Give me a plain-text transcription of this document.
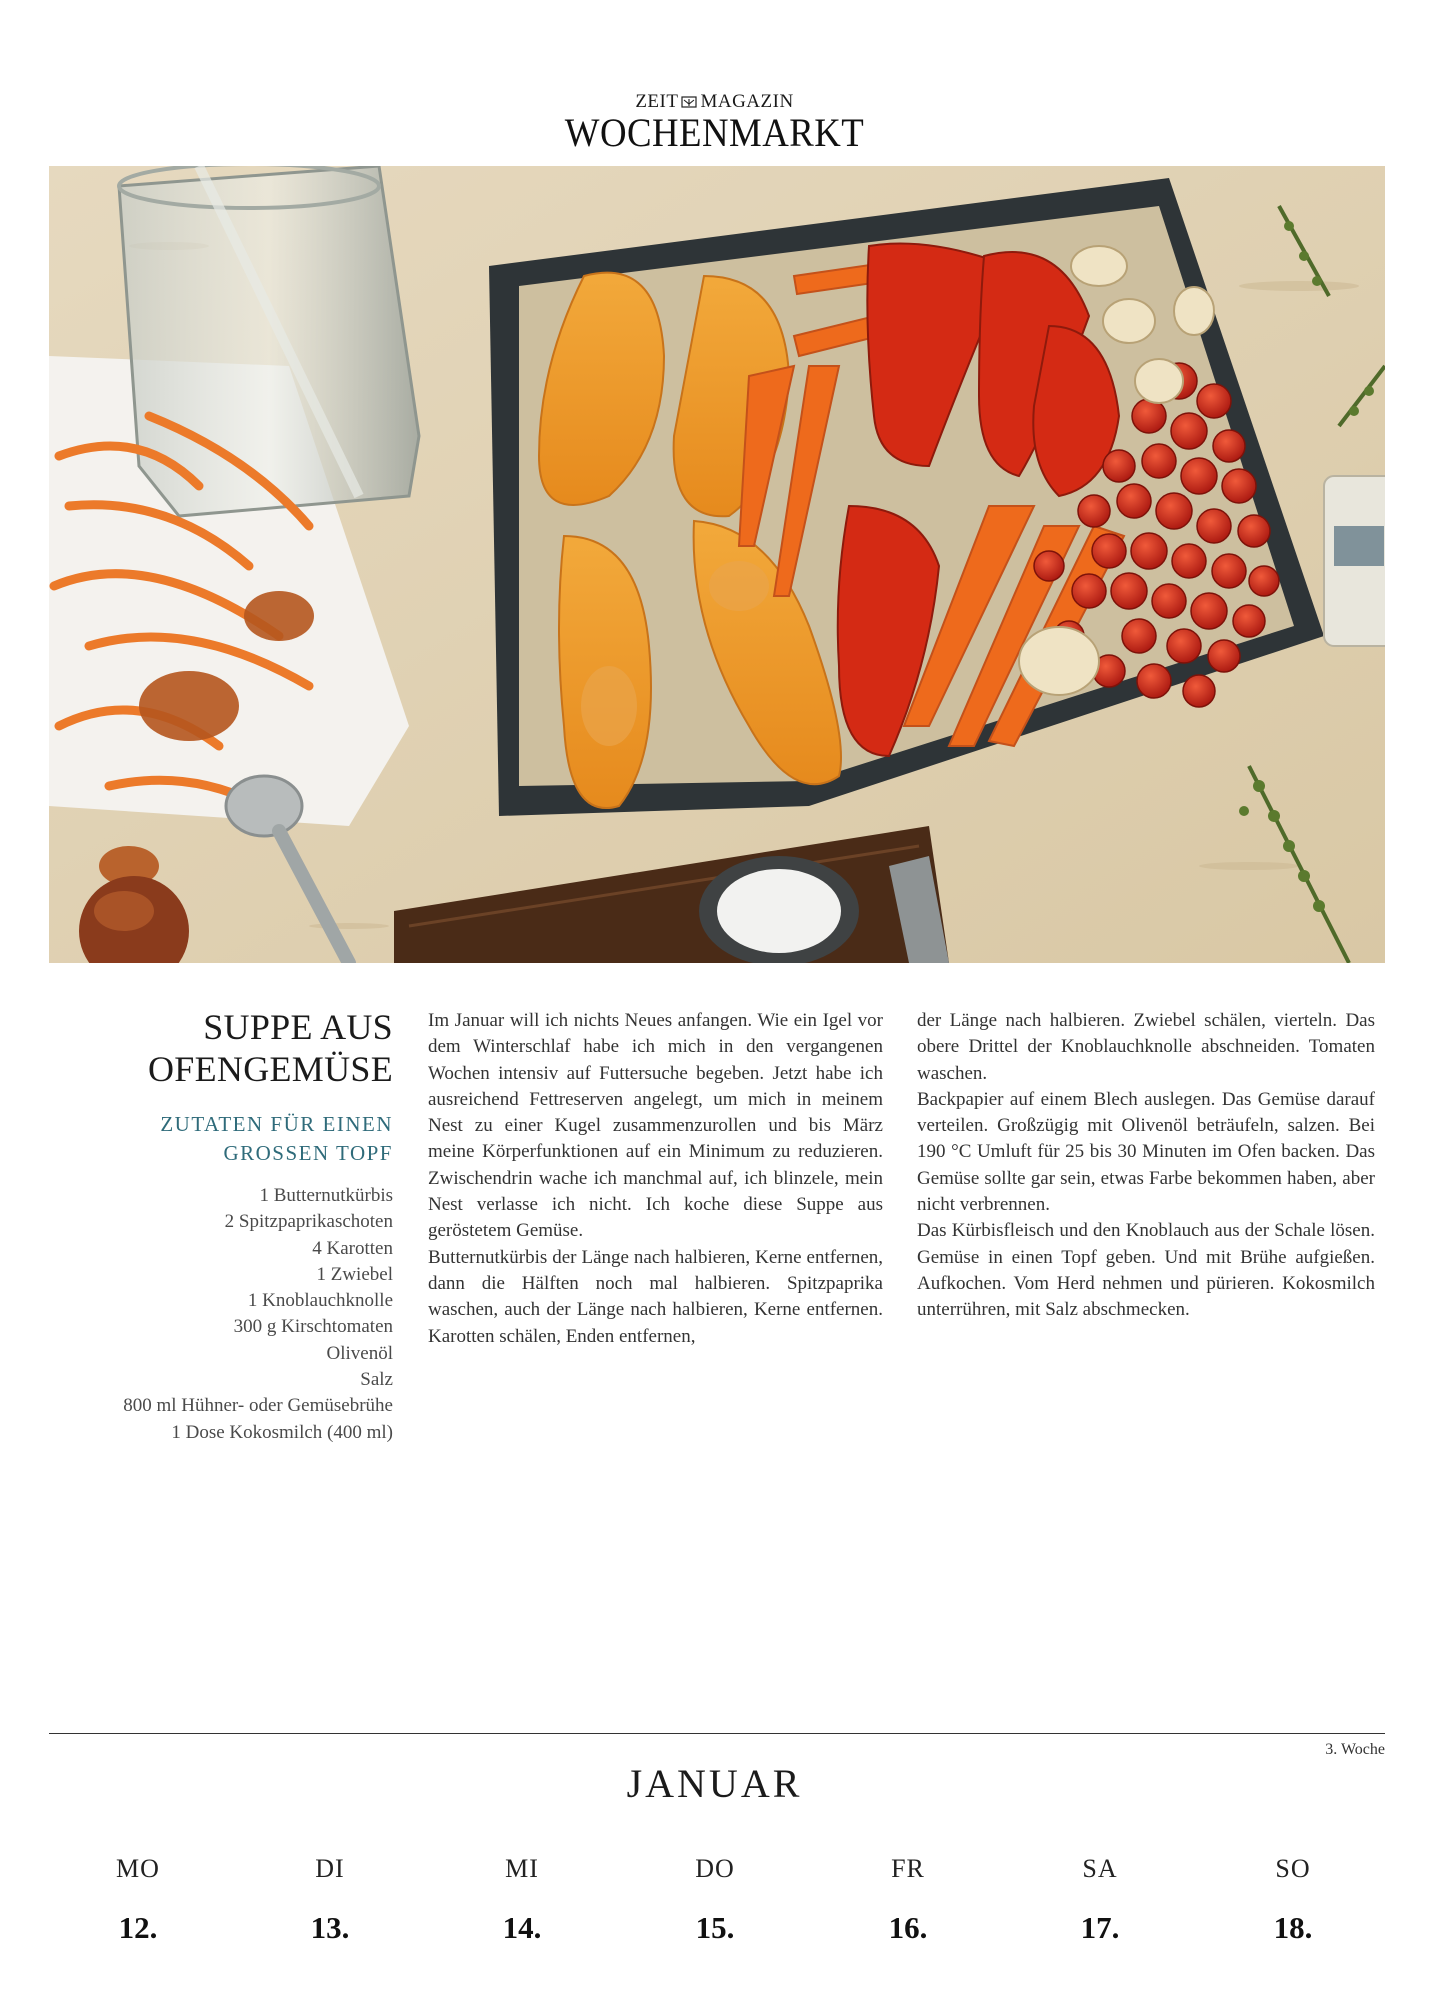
ZEIT MAGAZIN
WOCHENMARKT
SUPPE AUS
OFENGEMÜSE
ZUTATEN FÜR EINEN
GROSSEN TOPF
1 Butternutkürbis
2 Spitzpaprikaschoten
4 Karotten
1 Zwiebel
1 Knoblauchknolle
300 g Kirschtomaten
Olivenöl
Salz
800 ml Hühner- oder Gemüsebrühe
1 Dose Kokosmilch (400 ml)

Im Januar will ich nichts Neues anfangen. Wie ein Igel vor dem Winterschlaf habe ich mich in den vergangenen Wochen intensiv auf Futtersuche begeben. Jetzt habe ich ausreichend Fettreserven angelegt, um mich in meinem Nest zu einer Kugel zusammenzurollen und bis März meine Körperfunktionen auf ein Minimum zu reduzieren. Zwischendrin wache ich manchmal auf, ich blinzele, mein Nest verlasse ich nicht. Ich koche diese Suppe aus geröstetem Gemüse.

Butternutkürbis der Länge nach halbieren, Kerne entfernen, dann die Hälften noch mal halbieren. Spitzpaprika waschen, auch der Länge nach halbieren, Kerne entfernen. Karotten schälen, Enden entfernen,

der Länge nach halbieren. Zwiebel schälen, vierteln. Das obere Drittel der Knoblauchknolle abschneiden. Tomaten waschen.

Backpapier auf einem Blech auslegen. Das Gemüse darauf verteilen. Großzügig mit Olivenöl beträufeln, salzen. Bei 190 °C Umluft für 25 bis 30 Minuten im Ofen backen. Das Gemüse sollte gar sein, etwas Farbe bekommen haben, aber nicht verbrennen.

Das Kürbisfleisch und den Knoblauch aus der Schale lösen. Gemüse in einen Topf geben. Und mit Brühe aufgießen. Aufkochen. Vom Herd nehmen und pürieren. Kokosmilch unterrühren, mit Salz abschmecken.

3. Woche
JANUAR
MO	DI	MI	DO	FR	SA	SO
12.	13.	14.	15.	16.	17.	18.
